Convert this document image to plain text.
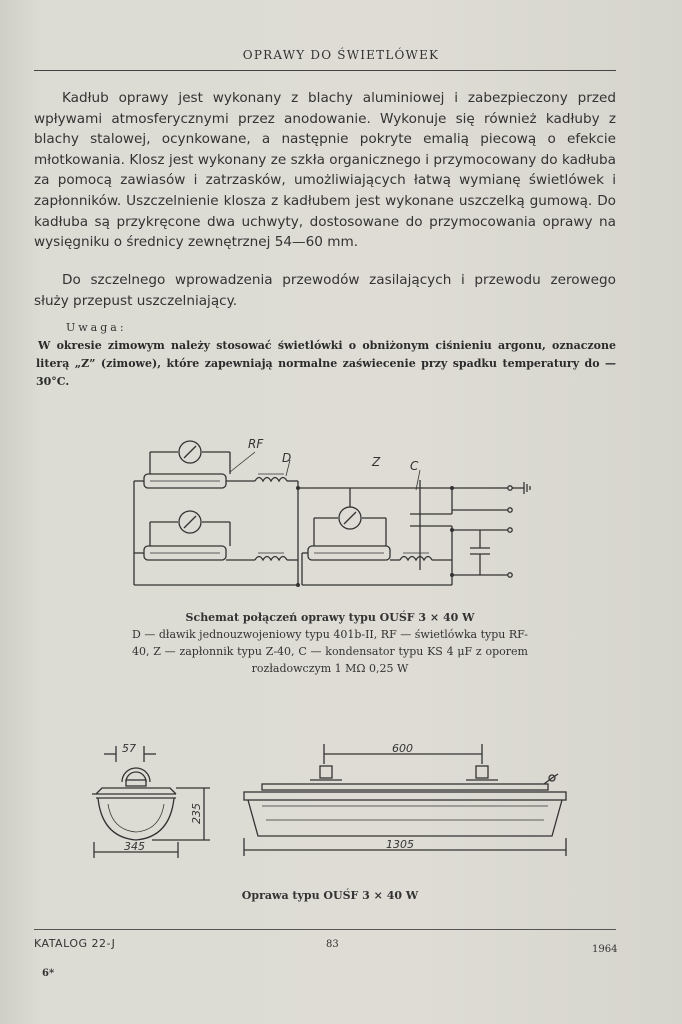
OPRAWY DO ŚWIETLÓWEK

Kadłub oprawy jest wykonany z blachy aluminiowej i zabezpieczony przed wpływami atmosferycznymi przez anodowanie. Wykonuje się również kadłuby z blachy stalowej, ocynkowane, a następnie pokryte emalią piecową o efekcie młotkowania. Klosz jest wykonany ze szkła organicznego i przymocowany do kadłuba za pomocą zawiasów i zatrzasków, umożliwiających łatwą wymianę świetlówek i zapłonników. Uszczelnienie klosza z kadłubem jest wykonane uszczelką gumową. Do kadłuba są przykręcone dwa uchwyty, dostosowane do przymocowania oprawy na wysięgniku o średnicy zewnętrznej 54—60 mm.

Do szczelnego wprowadzenia przewodów zasilających i przewodu zerowego służy przepust uszczelniający.

Uwaga:

W okresie zimowym należy stosować świetlówki o obniżonym ciśnieniu argonu, oznaczone literą „Z” (zimowe), które zapewniają normalne zaświecenie przy spadku temperatury do —30°C.

RF
D	Z C
Schemat połączeń oprawy typu OUŚF 3 × 40 W
D — dławik jednouzwojeniowy typu 401b-II, RF — świetlówka typu RF-40, Z — zapłonnik typu Z-40, C — kondensator typu KS 4 μF z oporem rozładowczym 1 MΩ 0,25 W
57
235
345
600
1305
Oprawa typu OUŚF 3 × 40 W
KATALOG 22-J	83	1964
6*
